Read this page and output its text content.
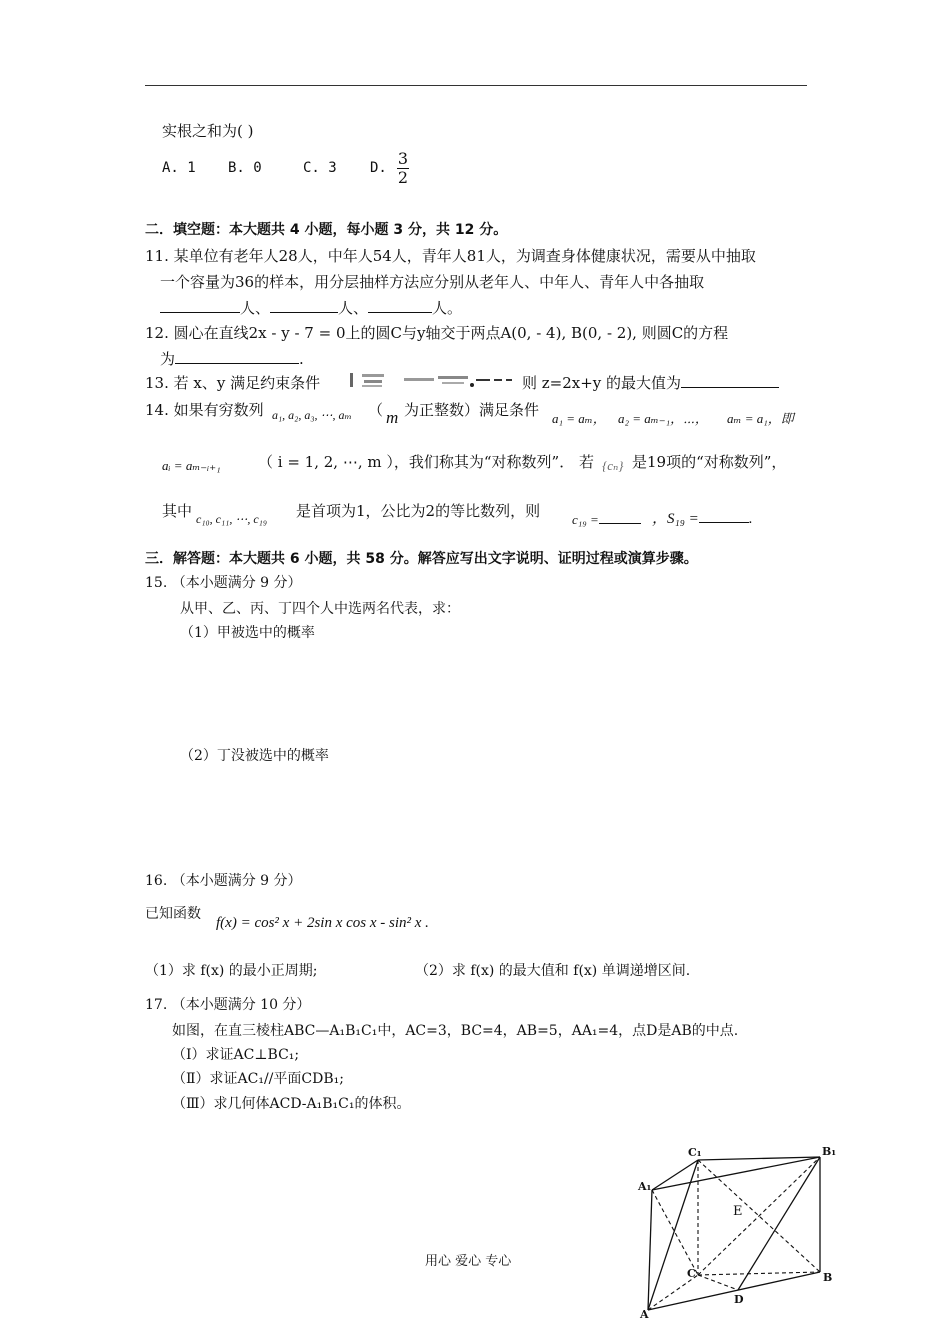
实根之和为( )
A. 1 B. 0	C. 3 D. 3
2
二．填空题：本大题共 4 小题，每小题 3 分，共 12 分。
11. 某单位有老年人28人，中年人54人，青年人81人，为调查身体健康状况，需要从中抽取
一个容量为36的样本，用分层抽样方法应分别从老年人、中年人、青年人中各抽取
人、	人、	人。
12. 圆心在直线2x - y - 7 = 0上的圆C与y轴交于两点A(0, - 4), B(0, - 2), 则圆C的方程
为	.
13. 若 x、y 满足约束条件	则 z=2x+y 的最大值为
14. 如果有穷数列 a₁, a₂, a₃, ⋯, aₘ （ m 为正整数）满足条件 a₁ = aₘ， a₂ = aₘ₋₁，⋯， aₘ = a₁，即
aᵢ = aₘ₋ᵢ₊₁ （ i = 1, 2, ⋯, m ），我们称其为“对称数列”． 若 {cₙ} 是19项的“对称数列”，
其中 c₁₀, c₁₁, ⋯, c₁₉ 是首项为1，公比为2的等比数列，则 c₁₉ =	，S₁₉ =	.
三．解答题：本大题共 6 小题，共 58 分。解答应写出文字说明、证明过程或演算步骤。
15. （本小题满分 9 分）
从甲、乙、丙、丁四个人中选两名代表，求：
（1）甲被选中的概率
（2）丁没被选中的概率
16. （本小题满分 9 分）
已知函数
f(x) = cos² x + 2sin x cos x - sin² x .
（1）求 f(x) 的最小正周期;	（2）求 f(x) 的最大值和 f(x) 单调递增区间.
17. （本小题满分 10 分）
如图，在直三棱柱ABC—A₁B₁C₁中，AC=3，BC=4，AB=5，AA₁=4，点D是AB的中点.
（Ⅰ）求证AC⊥BC₁;
（Ⅱ）求证AC₁//平面CDB₁;
（Ⅲ）求几何体ACD-A₁B₁C₁的体积。
C₁	B₁
A₁
E
C	B
A
D
用心 爱心 专心
